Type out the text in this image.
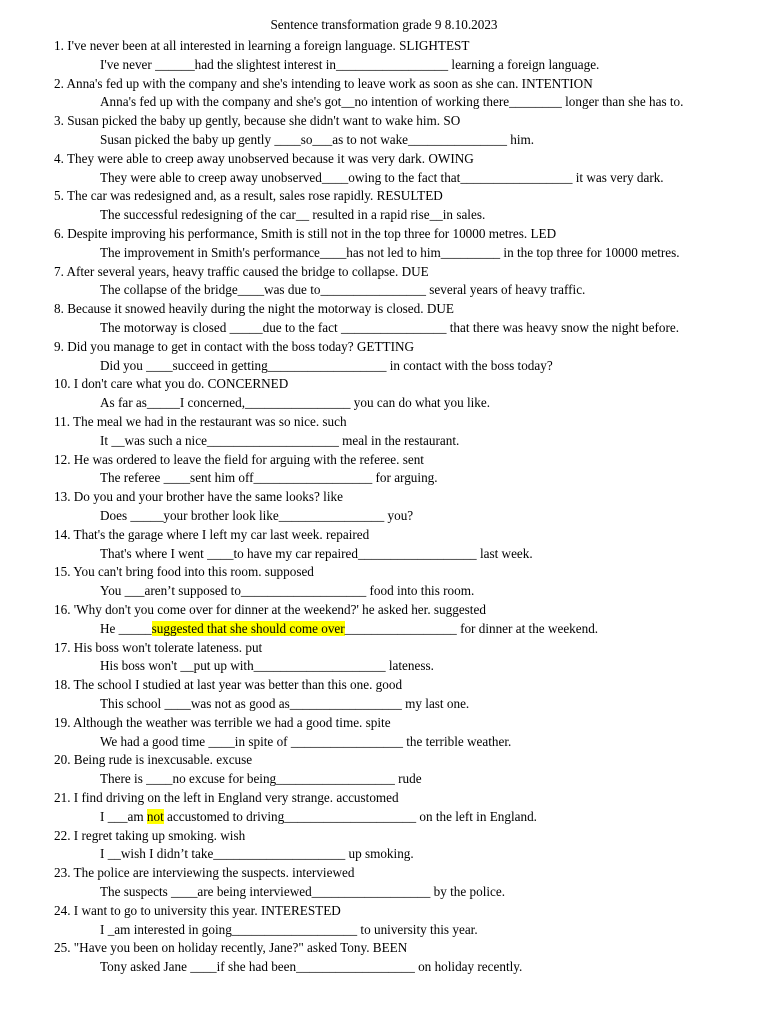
Sentence transformation grade 9 8.10.2023
1. I've never been at all interested in learning a foreign language. SLIGHTEST
I've never ______had the slightest interest in_________________ learning a foreign language.
2. Anna's fed up with the company and she's intending to leave work as soon as she can. INTENTION
Anna's fed up with the company and she's got__no intention of working there________ longer than she has to.
3. Susan picked the baby up gently, because she didn't want to wake him. SO
Susan picked the baby up gently ____so___as to not wake_______________ him.
4. They were able to creep away unobserved because it was very dark. OWING
They were able to creep away unobserved____owing to the fact that_________________ it was very dark.
5. The car was redesigned and, as a result, sales rose rapidly. RESULTED
The successful redesigning of the car__ resulted in a rapid rise__in sales.
6. Despite improving his performance, Smith is still not in the top three for 10000 metres. LED
The improvement in Smith's performance____has not led to him_________ in the top three for 10000 metres.
7. After several years, heavy traffic caused the bridge to collapse. DUE
The collapse of the bridge____was due to________________ several years of heavy traffic.
8. Because it snowed heavily during the night the motorway is closed. DUE
The motorway is closed _____due to the fact ________________ that there was heavy snow the night before.
9. Did you manage to get in contact with the boss today? GETTING
Did you ____succeed in getting__________________ in contact with the boss today?
10. I don't care what you do. CONCERNED
As far as_____I concerned,________________ you can do what you like.
11. The meal we had in the restaurant was so nice. such
It __was such a nice____________________ meal in the restaurant.
12. He was ordered to leave the field for arguing with the referee. sent
The referee ____sent him off__________________ for arguing.
13. Do you and your brother have the same looks? like
Does _____your brother look like________________ you?
14. That's the garage where I left my car last week. repaired
That's where I went ____to have my car repaired__________________ last week.
15. You can't bring food into this room. supposed
You ___aren’t supposed to___________________ food into this room.
16. 'Why don't you come over for dinner at the weekend?' he asked her. suggested
He _____suggested that she should come over_________________ for dinner at the weekend.
17. His boss won't tolerate lateness. put
His boss won't __put up with____________________ lateness.
18. The school I studied at last year was better than this one. good
This school ____was not as good as_________________ my last one.
19. Although the weather was terrible we had a good time. spite
We had a good time ____in spite of _________________ the terrible weather.
20. Being rude is inexcusable. excuse
There is ____no excuse for being__________________ rude
21. I find driving on the left in England very strange. accustomed
I ___am not accustomed to driving____________________ on the left in England.
22. I regret taking up smoking. wish
I __wish I didn’t take____________________ up smoking.
23. The police are interviewing the suspects. interviewed
The suspects ____are being interviewed__________________ by the police.
24. I want to go to university this year. INTERESTED
I _am interested in going___________________ to university this year.
25. "Have you been on holiday recently, Jane?" asked Tony. BEEN
Tony asked Jane ____if she had been__________________ on holiday recently.
